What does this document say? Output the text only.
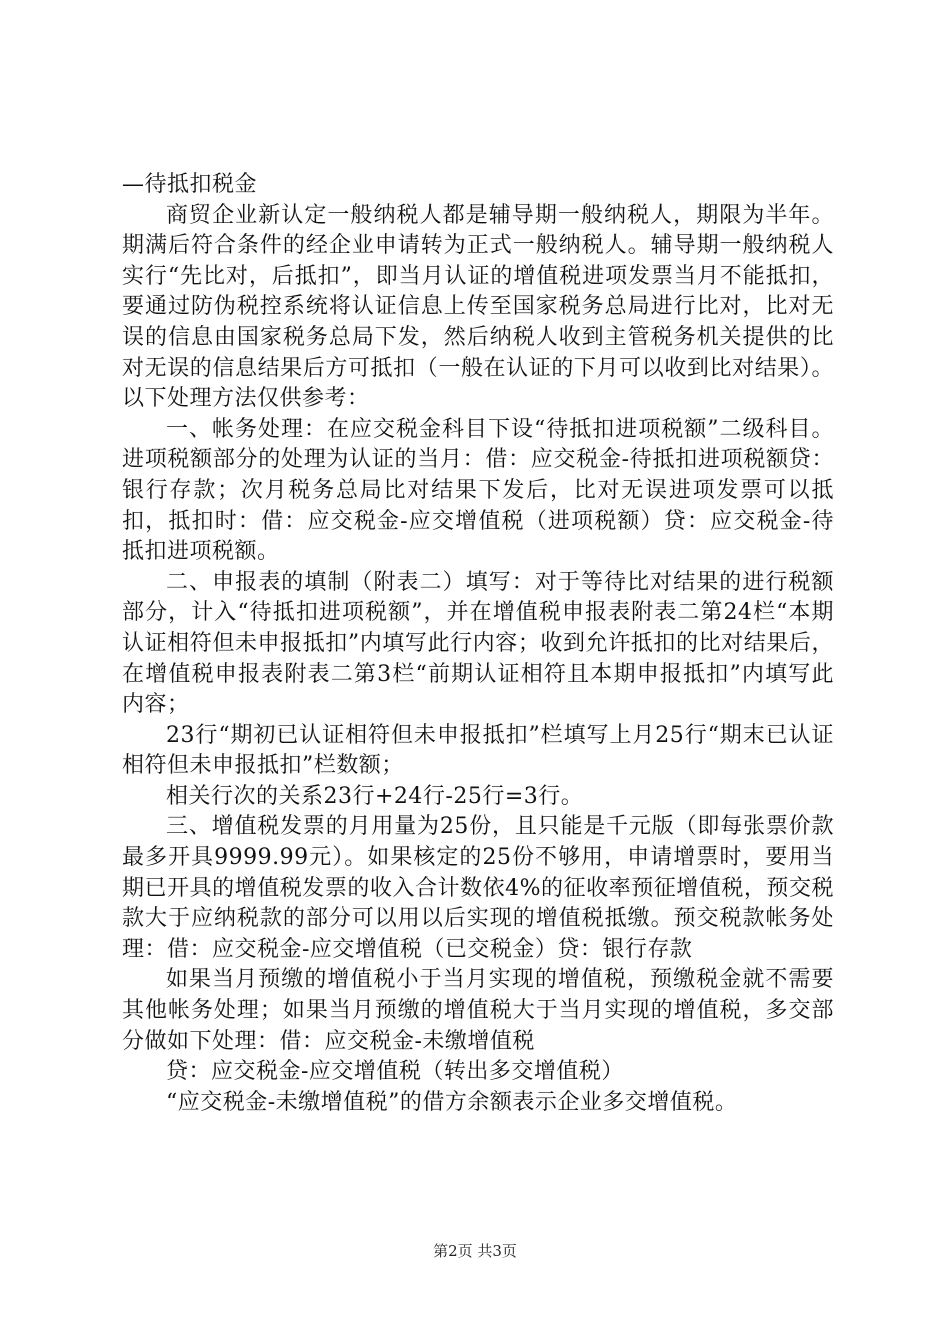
—待抵扣税金

商贸企业新认定一般纳税人都是辅导期一般纳税人，期限为半年。期满后符合条件的经企业申请转为正式一般纳税人。辅导期一般纳税人实行“先比对，后抵扣”，即当月认证的增值税进项发票当月不能抵扣，要通过防伪税控系统将认证信息上传至国家税务总局进行比对，比对无误的信息由国家税务总局下发，然后纳税人收到主管税务机关提供的比对无误的信息结果后方可抵扣（一般在认证的下月可以收到比对结果）。以下处理方法仅供参考：

一、帐务处理：在应交税金科目下设“待抵扣进项税额”二级科目。进项税额部分的处理为认证的当月：借：应交税金-待抵扣进项税额贷：银行存款；次月税务总局比对结果下发后，比对无误进项发票可以抵扣，抵扣时：借：应交税金-应交增值税（进项税额）贷：应交税金-待抵扣进项税额。

二、申报表的填制（附表二）填写：对于等待比对结果的进行税额部分，计入“待抵扣进项税额”，并在增值税申报表附表二第24栏“本期认证相符但未申报抵扣”内填写此行内容；收到允许抵扣的比对结果后，在增值税申报表附表二第3栏“前期认证相符且本期申报抵扣”内填写此内容；

23行“期初已认证相符但未申报抵扣”栏填写上月25行“期末已认证相符但未申报抵扣”栏数额；

相关行次的关系23行+24行-25行=3行。

三、增值税发票的月用量为25份，且只能是千元版（即每张票价款最多开具9999.99元）。如果核定的25份不够用，申请增票时，要用当期已开具的增值税发票的收入合计数依4%的征收率预征增值税，预交税款大于应纳税款的部分可以用以后实现的增值税抵缴。预交税款帐务处理：借：应交税金-应交增值税（已交税金）贷：银行存款

如果当月预缴的增值税小于当月实现的增值税，预缴税金就不需要其他帐务处理；如果当月预缴的增值税大于当月实现的增值税，多交部分做如下处理：借：应交税金-未缴增值税

贷：应交税金-应交增值税（转出多交增值税）

“应交税金-未缴增值税”的借方余额表示企业多交增值税。

第2页 共3页
